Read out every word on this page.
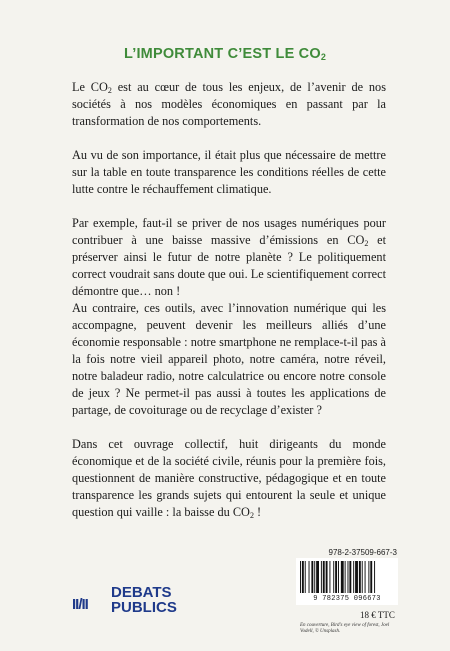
L’IMPORTANT C’EST LE $CO_2$

Le $CO_2$ est au cœur de tous les enjeux, de l’avenir de nos sociétés à nos modèles économiques en passant par la transformation de nos comportements.

Au vu de son importance, il était plus que nécessaire de mettre sur la table en toute transparence les conditions réelles de cette lutte contre le réchauffement climatique.

Par exemple, faut-il se priver de nos usages numériques pour contribuer à une baisse massive d’émissions en $CO_2$ et préserver ainsi le futur de notre planète ? Le politiquement correct voudrait sans doute que oui. Le scientifiquement correct démontre que… non !

Au contraire, ces outils, avec l’innovation numérique qui les accompagne, peuvent devenir les meilleurs alliés d’une économie responsable : notre smartphone ne remplace-t-il pas à la fois notre vieil appareil photo, notre caméra, notre réveil, notre baladeur radio, notre calculatrice ou encore notre console de jeux ? Ne permet-il pas aussi à toutes les applications de partage, de covoiturage ou de recyclage d’exister ?

Dans cet ouvrage collectif, huit dirigeants du monde économique et de la société civile, réunis pour la première fois, questionnent de manière constructive, pédagogique et en toute transparence les grands sujets qui entourent la seule et unique question qui vaille : la baisse du $CO_2$ !

II/II
DEBATS
PUBLICS
978-2-37509-667-3
9 782375 096673
18 € TTC
En couverture, Bird's eye view of forest, Joel Vodell, © Unsplash.
